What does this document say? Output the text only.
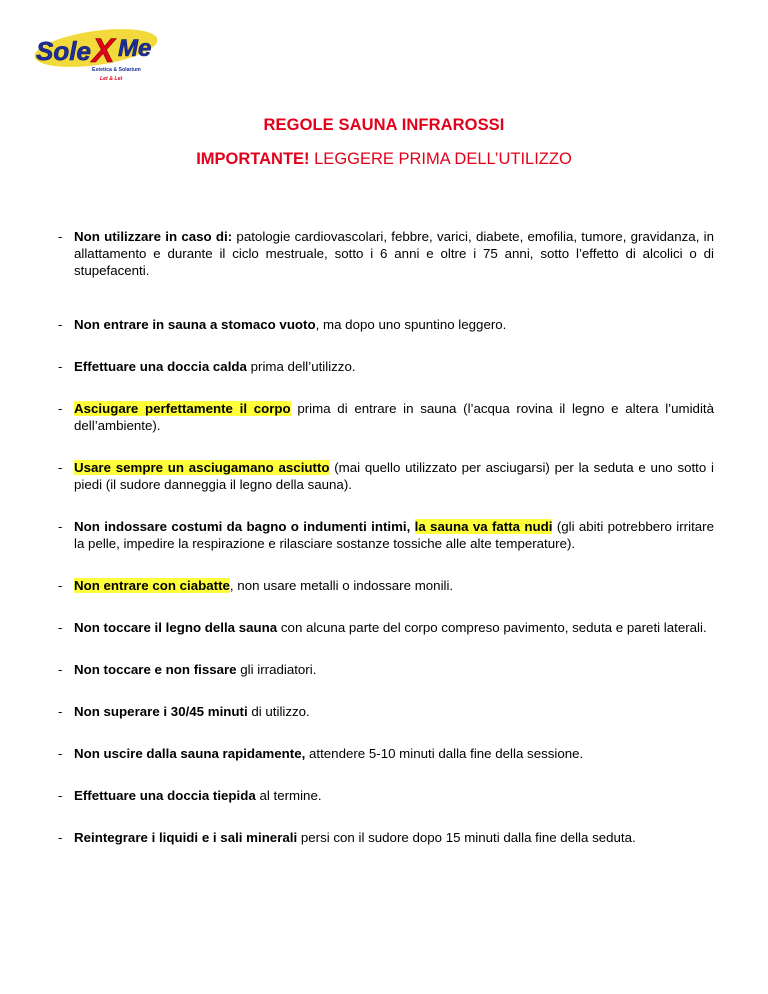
Sole X Me
Estetica & Solarium
Let & Let
REGOLE SAUNA INFRAROSSI
IMPORTANTE! LEGGERE PRIMA DELL’UTILIZZO
- Non utilizzare in caso di: patologie cardiovascolari, febbre, varici, diabete, emofilia, tumore, gravidanza, in allattamento e durante il ciclo mestruale, sotto i 6 anni e oltre i 75 anni, sotto l’effetto di alcolici o di stupefacenti.
- Non entrare in sauna a stomaco vuoto, ma dopo uno spuntino leggero.
- Effettuare una doccia calda prima dell’utilizzo.
- Asciugare perfettamente il corpo prima di entrare in sauna (l’acqua rovina il legno e altera l’umidità dell’ambiente).
- Usare sempre un asciugamano asciutto (mai quello utilizzato per asciugarsi) per la seduta e uno sotto i piedi (il sudore danneggia il legno della sauna).
- Non indossare costumi da bagno o indumenti intimi, la sauna va fatta nudi (gli abiti potrebbero irritare la pelle, impedire la respirazione e rilasciare sostanze tossiche alle alte temperature).
- Non entrare con ciabatte, non usare metalli o indossare monili.
- Non toccare il legno della sauna con alcuna parte del corpo compreso pavimento, seduta e pareti laterali.
- Non toccare e non fissare gli irradiatori.
- Non superare i 30/45 minuti di utilizzo.
- Non uscire dalla sauna rapidamente, attendere 5-10 minuti dalla fine della sessione.
- Effettuare una doccia tiepida al termine.
- Reintegrare i liquidi e i sali minerali persi con il sudore dopo 15 minuti dalla fine della seduta.
